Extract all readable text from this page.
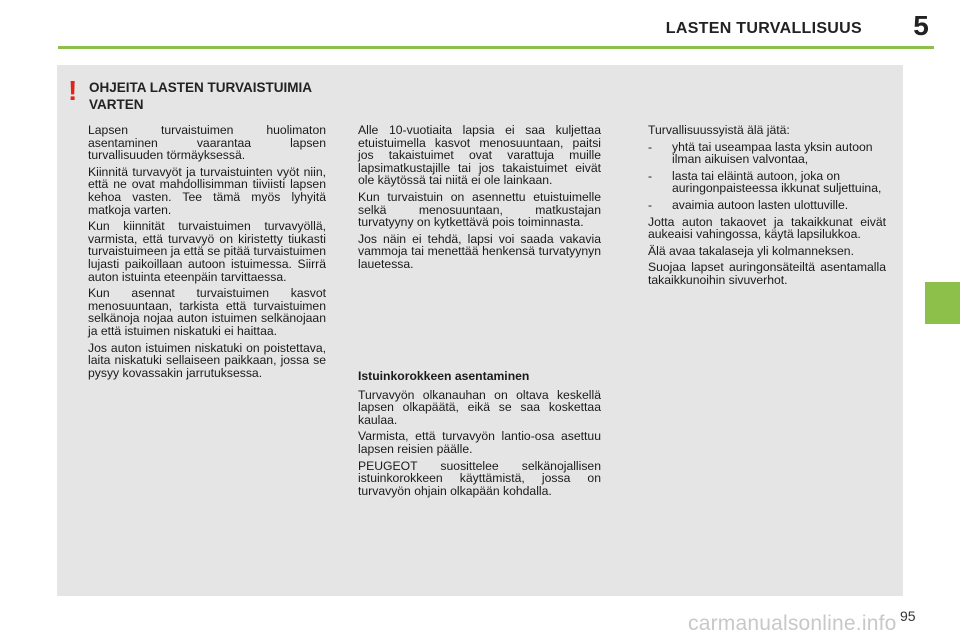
LASTEN TURVALLISUUS 5
! OHJEITA LASTEN TURVAISTUIMIA VARTEN

Lapsen turvaistuimen huolimaton asentaminen vaarantaa lapsen turvallisuuden törmäyksessä.

Kiinnitä turvavyöt ja turvaistuinten vyöt niin, että ne ovat mahdollisimman tiiviisti lapsen kehoa vasten. Tee tämä myös lyhyitä matkoja varten.

Kun kiinnität turvaistuimen turvavyöllä, varmista, että turvavyö on kiristetty tiukasti turvaistuimeen ja että se pitää turvaistuimen lujasti paikoillaan autoon istuimessa. Siirrä auton istuinta eteenpäin tarvittaessa.

Kun asennat turvaistuimen kasvot menosuuntaan, tarkista että turvaistuimen selkänoja nojaa auton istuimen selkänojaan ja että istuimen niskatuki ei haittaa.

Jos auton istuimen niskatuki on poistettava, laita niskatuki sellaiseen paikkaan, jossa se pysyy kovassakin jarrutuksessa.

Alle 10-vuotiaita lapsia ei saa kuljettaa etuistuimella kasvot menosuuntaan, paitsi jos takaistuimet ovat varattuja muille lapsimatkustajille tai jos takaistuimet eivät ole käytössä tai niitä ei ole lainkaan.

Kun turvaistuin on asennettu etuistuimelle selkä menosuuntaan, matkustajan turvatyyny on kytkettävä pois toiminnasta.

Jos näin ei tehdä, lapsi voi saada vakavia vammoja tai menettää henkensä turvatyynyn lauetessa.

Istuinkorokkeen asentaminen

Turvavyön olkanauhan on oltava keskellä lapsen olkapäätä, eikä se saa koskettaa kaulaa.

Varmista, että turvavyön lantio-osa asettuu lapsen reisien päälle.

PEUGEOT suosittelee selkänojallisen istuinkorokkeen käyttämistä, jossa on turvavyön ohjain olkapään kohdalla.

Turvallisuussyistä älä jätä:

- yhtä tai useampaa lasta yksin autoon ilman aikuisen valvontaa,
- lasta tai eläintä autoon, joka on auringonpaisteessa ikkunat suljettuina,
- avaimia autoon lasten ulottuville.

Jotta auton takaovet ja takaikkunat eivät aukeaisi vahingossa, käytä lapsilukkoa.

Älä avaa takalaseja yli kolmanneksen.

Suojaa lapset auringonsäteiltä asentamalla takaikkunoihin sivuverhot.

carmanualsonline.info 95
